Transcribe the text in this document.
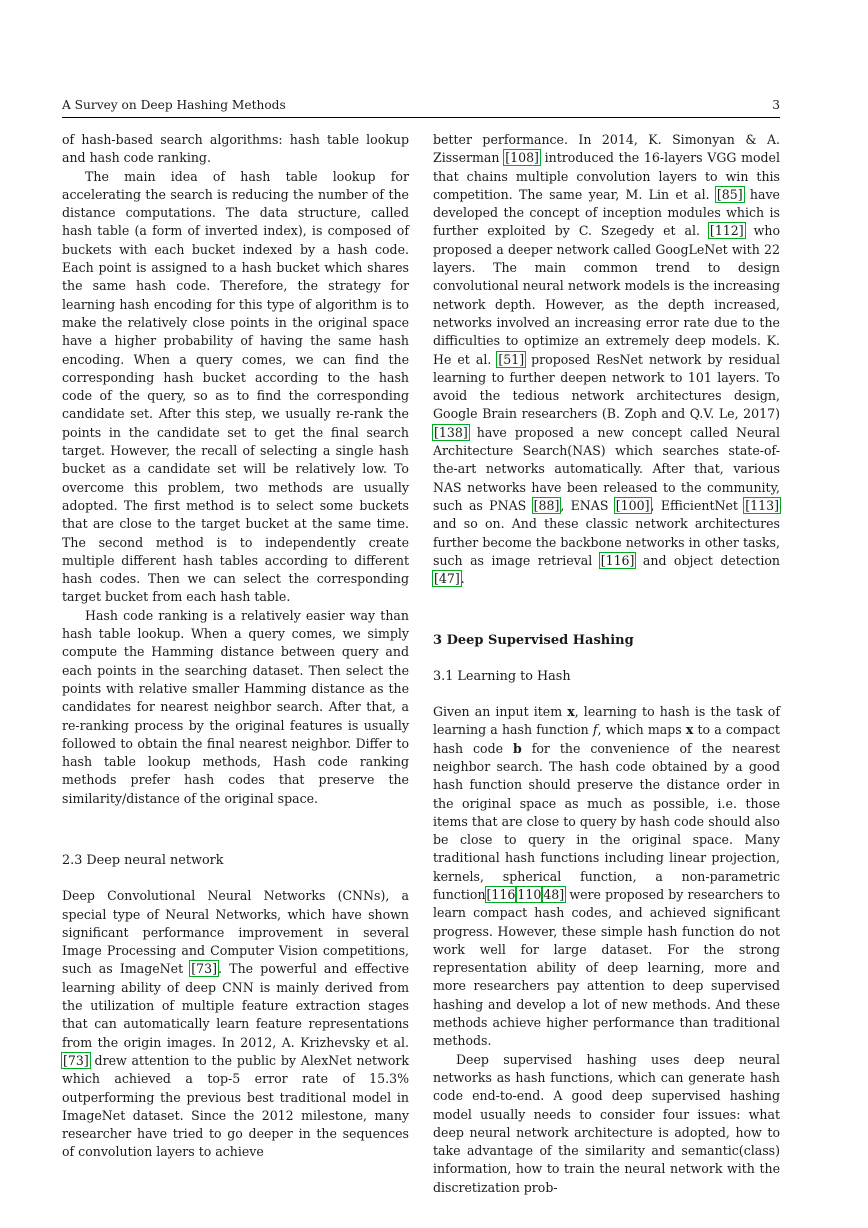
A Survey on Deep Hashing Methods	3

of hash-based search algorithms: hash table lookup and hash code ranking.

The main idea of hash table lookup for accelerating the search is reducing the number of the distance computations. The data structure, called hash table (a form of inverted index), is composed of buckets with each bucket indexed by a hash code. Each point is assigned to a hash bucket which shares the same hash code. Therefore, the strategy for learning hash encoding for this type of algorithm is to make the relatively close points in the original space have a higher probability of having the same hash encoding. When a query comes, we can find the corresponding hash bucket according to the hash code of the query, so as to find the corresponding candidate set. After this step, we usually re-rank the points in the candidate set to get the final search target. However, the recall of selecting a single hash bucket as a candidate set will be relatively low. To overcome this problem, two methods are usually adopted. The first method is to select some buckets that are close to the target bucket at the same time. The second method is to independently create multiple different hash tables according to different hash codes. Then we can select the corresponding target bucket from each hash table.

Hash code ranking is a relatively easier way than hash table lookup. When a query comes, we simply compute the Hamming distance between query and each points in the searching dataset. Then select the points with relative smaller Hamming distance as the candidates for nearest neighbor search. After that, a re-ranking process by the original features is usually followed to obtain the final nearest neighbor. Differ to hash table lookup methods, Hash code ranking methods prefer hash codes that preserve the similarity/distance of the original space.

2.3 Deep neural network

Deep Convolutional Neural Networks (CNNs), a special type of Neural Networks, which have shown significant performance improvement in several Image Processing and Computer Vision competitions, such as ImageNet [73]. The powerful and effective learning ability of deep CNN is mainly derived from the utilization of multiple feature extraction stages that can automatically learn feature representations from the origin images. In 2012, A. Krizhevsky et al. [73] drew attention to the public by AlexNet network which achieved a top-5 error rate of 15.3% outperforming the previous best traditional model in ImageNet dataset. Since the 2012 milestone, many researcher have tried to go deeper in the sequences of convolution layers to achieve

better performance. In 2014, K. Simonyan & A. Zisserman [108] introduced the 16-layers VGG model that chains multiple convolution layers to win this competition. The same year, M. Lin et al. [85] have developed the concept of inception modules which is further exploited by C. Szegedy et al. [112] who proposed a deeper network called GoogLeNet with 22 layers. The main common trend to design convolutional neural network models is the increasing network depth. However, as the depth increased, networks involved an increasing error rate due to the difficulties to optimize an extremely deep models. K. He et al. [51] proposed ResNet network by residual learning to further deepen network to 101 layers. To avoid the tedious network architectures design, Google Brain researchers (B. Zoph and Q.V. Le, 2017) [138] have proposed a new concept called Neural Architecture Search(NAS) which searches state-of-the-art networks automatically. After that, various NAS networks have been released to the community, such as PNAS [88], ENAS [100], EfficientNet [113] and so on. And these classic network architectures further become the backbone networks in other tasks, such as image retrieval [116] and object detection [47].

3 Deep Supervised Hashing

3.1 Learning to Hash

Given an input item x, learning to hash is the task of learning a hash function f, which maps x to a compact hash code b for the convenience of the nearest neighbor search. The hash code obtained by a good hash function should preserve the distance order in the original space as much as possible, i.e. those items that are close to query by hash code should also be close to query in the original space. Many traditional hash functions including linear projection, kernels, spherical function, a non-parametric function[116 110 48] were proposed by researchers to learn compact hash codes, and achieved significant progress. However, these simple hash function do not work well for large dataset. For the strong representation ability of deep learning, more and more researchers pay attention to deep supervised hashing and develop a lot of new methods. And these methods achieve higher performance than traditional methods.

Deep supervised hashing uses deep neural networks as hash functions, which can generate hash code end-to-end. A good deep supervised hashing model usually needs to consider four issues: what deep neural network architecture is adopted, how to take advantage of the similarity and semantic(class) information, how to train the neural network with the discretization prob-
